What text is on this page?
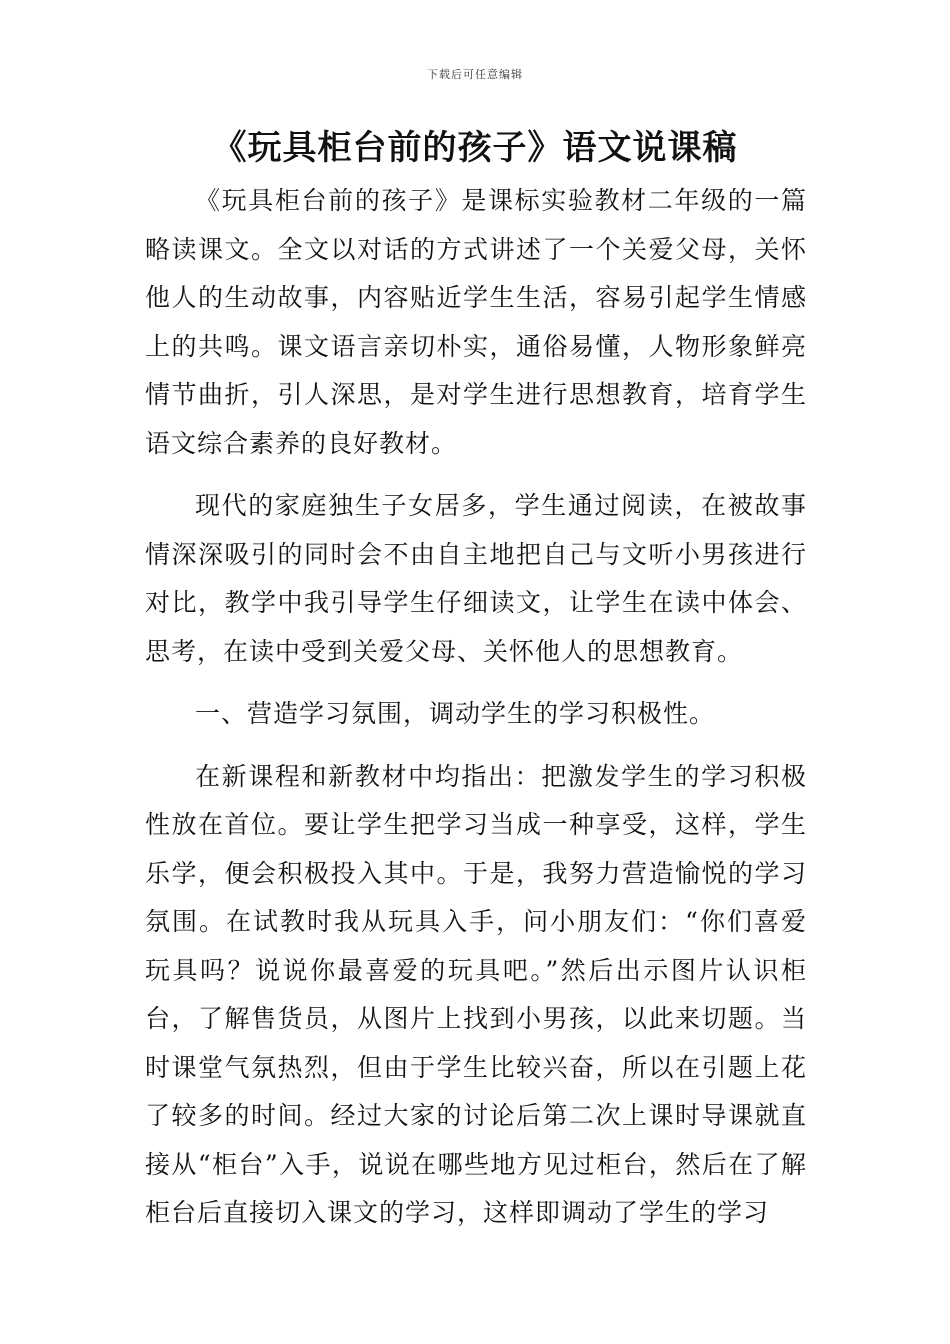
下载后可任意编辑
《玩具柜台前的孩子》语文说课稿

《玩具柜台前的孩子》是课标实验教材二年级的一篇略读课文。全文以对话的方式讲述了一个关爱父母，关怀他人的生动故事，内容贴近学生生活，容易引起学生情感上的共鸣。课文语言亲切朴实，通俗易懂，人物形象鲜亮情节曲折，引人深思，是对学生进行思想教育，培育学生语文综合素养的良好教材。

现代的家庭独生子女居多，学生通过阅读，在被故事情深深吸引的同时会不由自主地把自己与文听小男孩进行对比，教学中我引导学生仔细读文，让学生在读中体会、思考，在读中受到关爱父母、关怀他人的思想教育。

一、营造学习氛围，调动学生的学习积极性。

在新课程和新教材中均指出：把激发学生的学习积极性放在首位。要让学生把学习当成一种享受，这样，学生乐学，便会积极投入其中。于是，我努力营造愉悦的学习氛围。在试教时我从玩具入手，问小朋友们：“你们喜爱玩具吗？说说你最喜爱的玩具吧。”然后出示图片认识柜台，了解售货员，从图片上找到小男孩，以此来切题。当时课堂气氛热烈，但由于学生比较兴奋，所以在引题上花了较多的时间。经过大家的讨论后第二次上课时导课就直接从“柜台”入手，说说在哪些地方见过柜台，然后在了解柜台后直接切入课文的学习，这样即调动了学生的学习
